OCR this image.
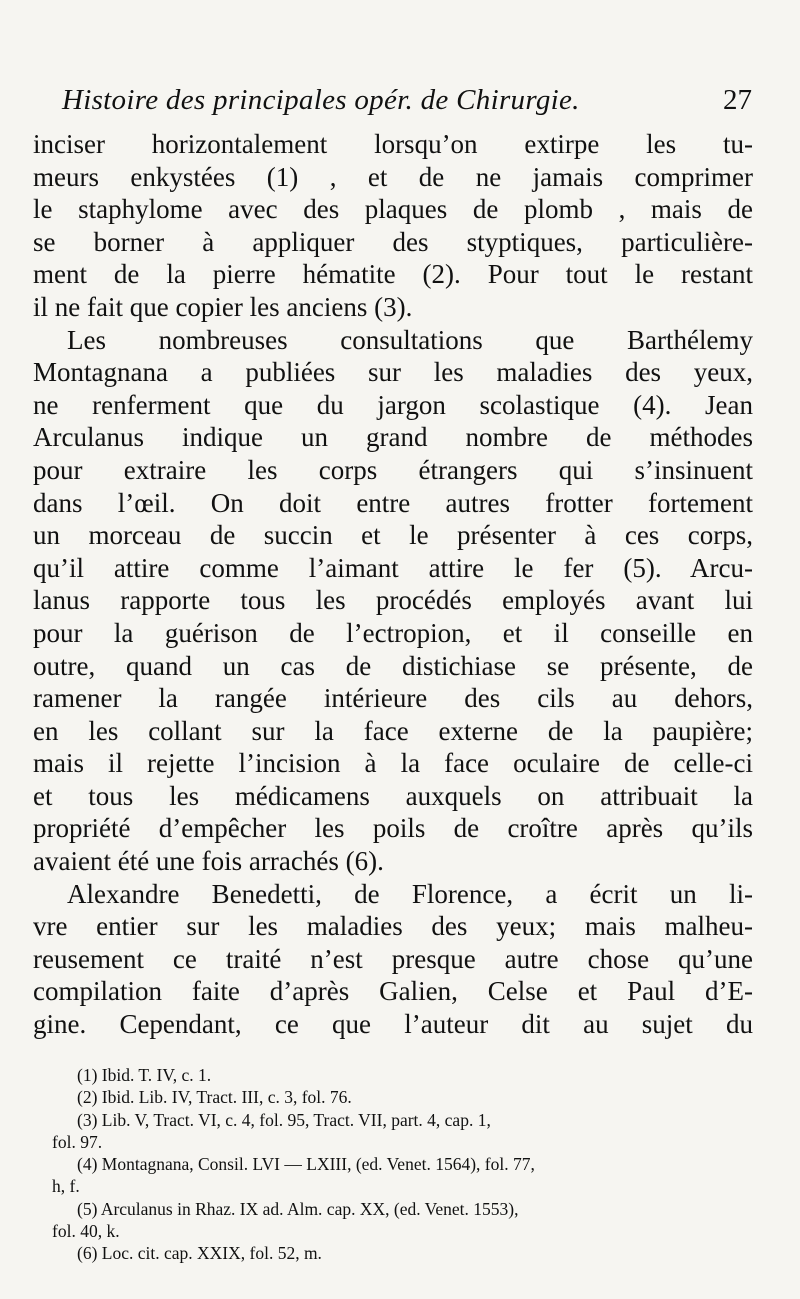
Histoire des principales opér. de Chirurgie.	27
inciser horizontalement lorsqu’on extirpe les tu-
meurs enkystées (1) , et de ne jamais comprimer
le staphylome avec des plaques de plomb , mais de
se borner à appliquer des styptiques, particulière-
ment de la pierre hématite (2). Pour tout le restant
il ne fait que copier les anciens (3).
Les nombreuses consultations que Barthélemy
Montagnana a publiées sur les maladies des yeux,
ne renferment que du jargon scolastique (4). Jean
Arculanus indique un grand nombre de méthodes
pour extraire les corps étrangers qui s’insinuent
dans l’œil. On doit entre autres frotter fortement
un morceau de succin et le présenter à ces corps,
qu’il attire comme l’aimant attire le fer (5). Arcu-
lanus rapporte tous les procédés employés avant lui
pour la guérison de l’ectropion, et il conseille en
outre, quand un cas de distichiase se présente, de
ramener la rangée intérieure des cils au dehors,
en les collant sur la face externe de la paupière;
mais il rejette l’incision à la face oculaire de celle-ci
et tous les médicamens auxquels on attribuait la
propriété d’empêcher les poils de croître après qu’ils
avaient été une fois arrachés (6).
Alexandre Benedetti, de Florence, a écrit un li-
vre entier sur les maladies des yeux; mais malheu-
reusement ce traité n’est presque autre chose qu’une
compilation faite d’après Galien, Celse et Paul d’E-
gine. Cependant, ce que l’auteur dit au sujet du
(1) Ibid. T. IV, c. 1.
(2) Ibid. Lib. IV, Tract. III, c. 3, fol. 76.
(3) Lib. V, Tract. VI, c. 4, fol. 95, Tract. VII, part. 4, cap. 1,
fol. 97.
(4) Montagnana, Consil. LVI — LXIII, (ed. Venet. 1564), fol. 77,
h, f.
(5) Arculanus in Rhaz. IX ad. Alm. cap. XX, (ed. Venet. 1553),
fol. 40, k.
(6) Loc. cit. cap. XXIX, fol. 52, m.
